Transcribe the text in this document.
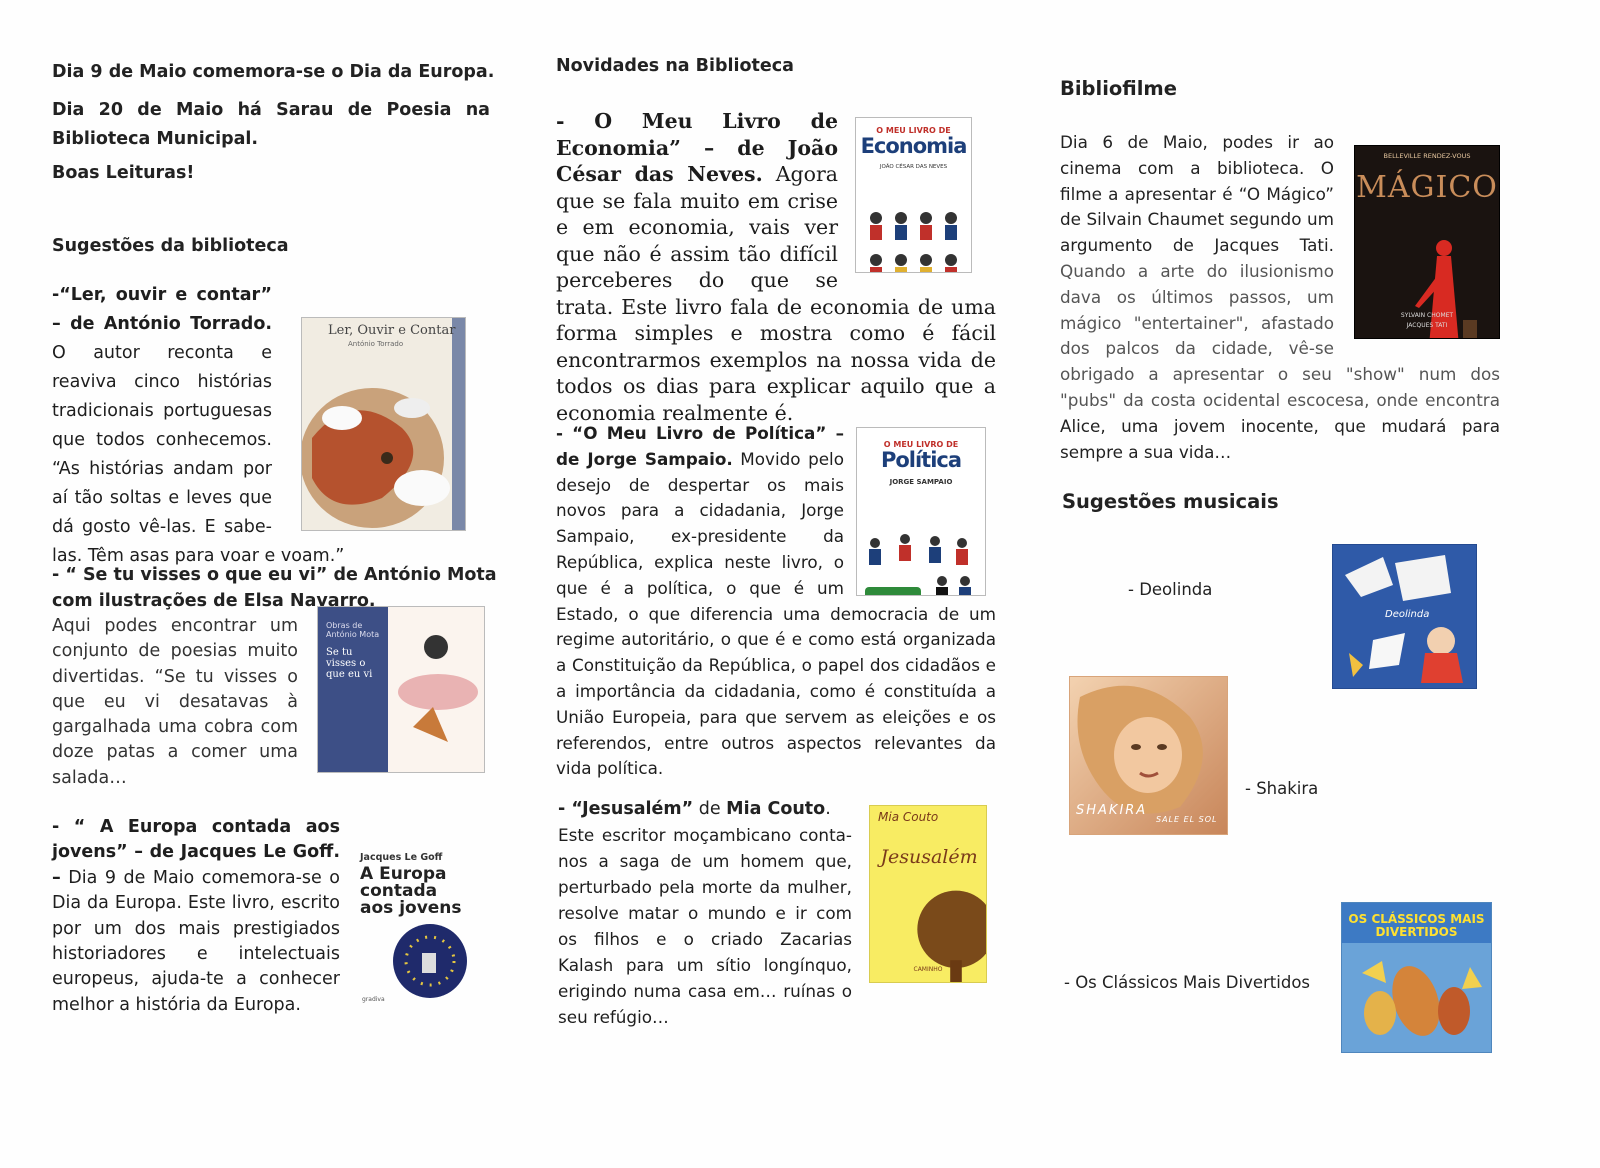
Dia 9 de Maio comemora-se o Dia da Europa.
Dia 20 de Maio há Sarau de Poesia na Biblioteca Municipal.
Boas Leituras!
Sugestões da biblioteca
Ler, Ouvir e Contar
António Torrado
-“Ler, ouvir e contar” – de António Torrado. O autor reconta e reaviva cinco histórias tradicionais portuguesas que todos conhecemos. “As histórias andam por aí tão soltas e leves que dá gosto vê-las. E sabe-las. Têm asas para voar e voam.”
Obras de António Mota
Se tu visses o que eu vi
- “ Se tu visses o que eu vi” de António Mota com ilustrações de Elsa Navarro.
Aqui podes encontrar um conjunto de poesias muito divertidas. “Se tu visses o que eu vi desatavas à gargalhada uma cobra com doze patas a comer uma salada…
Jacques Le Goff
A Europa contada aos jovens
gradiva
- “ A Europa contada aos jovens” – de Jacques Le Goff. – Dia 9 de Maio comemora-se o Dia da Europa. Este livro, escrito por um dos mais prestigiados historiadores e intelectuais europeus, ajuda-te a conhecer melhor a história da Europa.
Novidades na Biblioteca
O MEU LIVRO DE
Economia
JOÃO CÉSAR DAS NEVES
- O Meu Livro de Economia” – de João César das Neves. Agora que se fala muito em crise e em economia, vais ver que não é assim tão difícil perceberes do que se trata. Este livro fala de economia de uma forma simples e mostra como é fácil encontrarmos exemplos na nossa vida de todos os dias para explicar aquilo que a economia realmente é.
O MEU LIVRO DE
Política
JORGE SAMPAIO
- “O Meu Livro de Política” – de Jorge Sampaio. Movido pelo desejo de despertar os mais novos para a cidadania, Jorge Sampaio, ex-presidente da República, explica neste livro, o que é a política, o que é um Estado, o que diferencia uma democracia de um regime autoritário, o que é e como está organizada a Constituição da República, o papel dos cidadãos e a importância da cidadania, como é constituída a União Europeia, para que servem as eleições e os referendos, entre outros aspectos relevantes da vida política.
Mia Couto
Jesusalém
CAMINHO
- “Jesusalém” de Mia Couto.
Este escritor moçambicano conta-nos a saga de um homem que, perturbado pela morte da mulher, resolve matar o mundo e ir com os filhos e o criado Zacarias Kalash para um sítio longínquo, erigindo numa casa em… ruínas o seu refúgio…
Bibliofilme
BELLEVILLE RENDEZ-VOUS
MÁGICO
SYLVAIN CHOMET
JACQUES TATI
Dia 6 de Maio, podes ir ao cinema com a biblioteca. O filme a apresentar é “O Mágico” de Silvain Chaumet segundo um argumento de Jacques Tati. Quando a arte do ilusionismo dava os últimos passos, um mágico "entertainer", afastado dos palcos da cidade, vê-se obrigado a apresentar o seu "show" num dos "pubs" da costa ocidental escocesa, onde encontra Alice, uma jovem inocente, que mudará para sempre a sua vida…
Sugestões musicais
- Deolinda
Deolinda
SHAKIRA
SALE EL SOL
- Shakira
- Os Clássicos Mais Divertidos
OS CLÁSSICOS MAIS DIVERTIDOS
